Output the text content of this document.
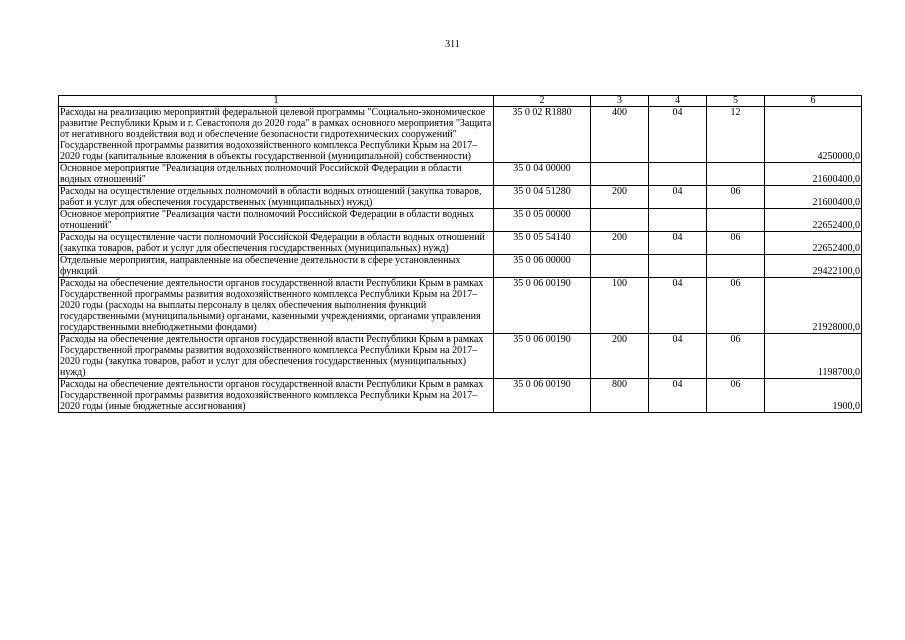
311
1	2	3	4	5	6
Расходы на реализацию мероприятий федеральной целевой программы "Социально-экономическое развитие Республики Крым и г. Севастополя до 2020 года" в рамках основного мероприятия "Защита от негативного воздействия вод и обеспечение безопасности гидротехнических сооружений" Государственной программы развития водохозяйственного комплекса Республики Крым на 2017–2020 годы (капитальные вложения в объекты государственной (муниципальной) собственности)	35 0 02 R1880	400	04	12	4250000,0
Основное мероприятие "Реализация отдельных полномочий Российской Федерации в области водных отношений"	35 0 04 00000				21600400,0
Расходы на осуществление отдельных полномочий в области водных отношений (закупка товаров, работ и услуг для обеспечения государственных (муниципальных) нужд)	35 0 04 51280	200	04	06	21600400,0
Основное мероприятие "Реализация части полномочий Российской Федерации в области водных отношений"	35 0 05 00000				22652400,0
Расходы на осуществление части полномочий Российской Федерации в области водных отношений (закупка товаров, работ и услуг для обеспечения государственных (муниципальных) нужд)	35 0 05 54140	200	04	06	22652400,0
Отдельные мероприятия, направленные на обеспечение деятельности в сфере установленных функций	35 0 06 00000				29422100,0
Расходы на обеспечение деятельности органов государственной власти Республики Крым в рамках Государственной программы развития водохозяйственного комплекса Республики Крым на 2017–2020 годы (расходы на выплаты персоналу в целях обеспечения выполнения функций государственными (муниципальными) органами, казенными учреждениями, органами управления государственными внебюджетными фондами)	35 0 06 00190	100	04	06	21928000,0
Расходы на обеспечение деятельности органов государственной власти Республики Крым в рамках Государственной программы развития водохозяйственного комплекса Республики Крым на 2017–2020 годы (закупка товаров, работ и услуг для обеспечения государственных (муниципальных) нужд)	35 0 06 00190	200	04	06	1198700,0
Расходы на обеспечение деятельности органов государственной власти Республики Крым в рамках Государственной программы развития водохозяйственного комплекса Республики Крым на 2017–2020 годы (иные бюджетные ассигнования)	35 0 06 00190	800	04	06	1900,0
